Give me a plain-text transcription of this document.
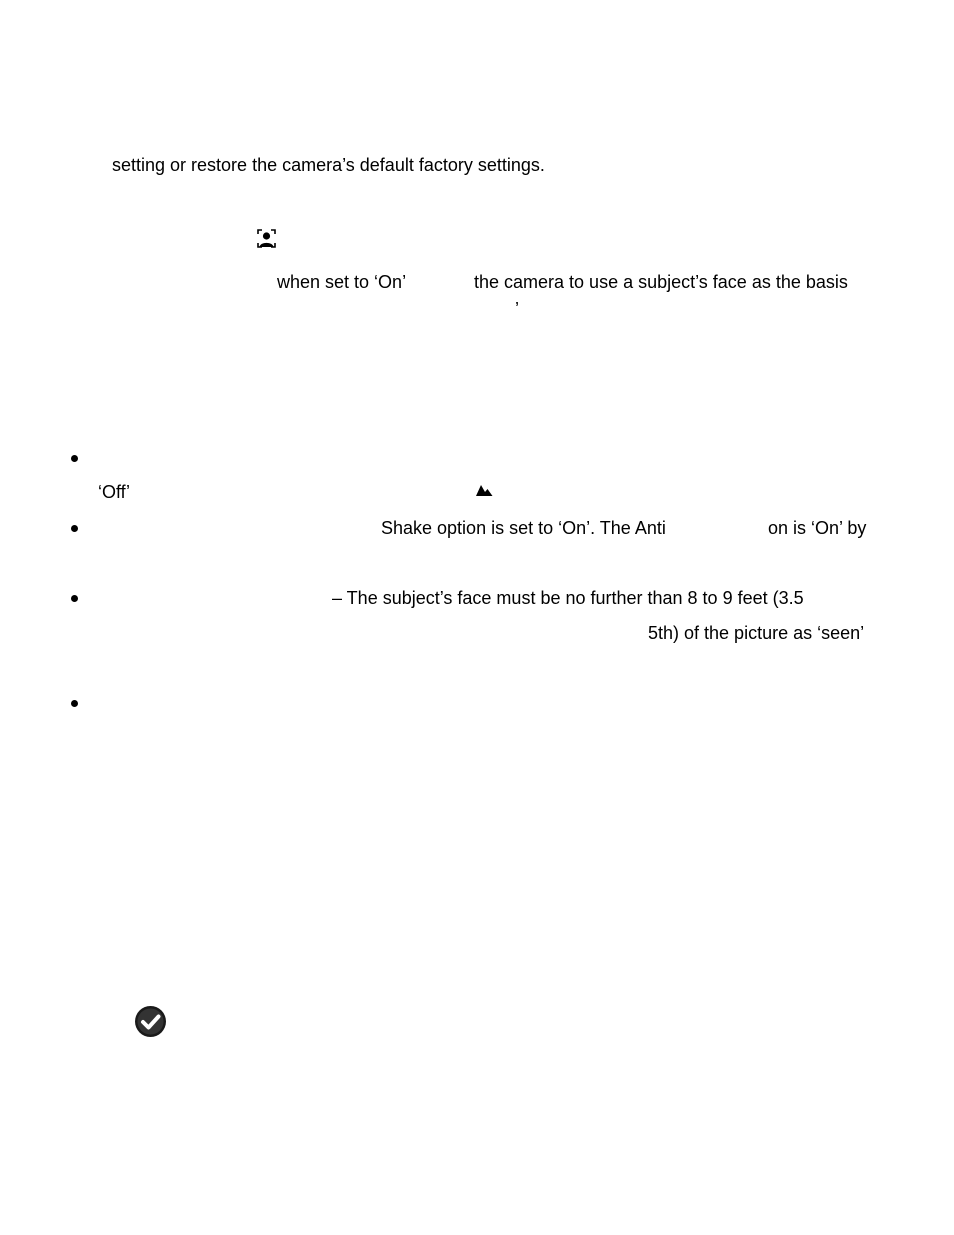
setting or restore the camera’s default factory settings.
when set to ‘On’	the camera to use a subject’s face as the basis
’
‘Off’
Shake option is set to ‘On’. The Anti	on is ‘On’ by
– The subject’s face must be no further than 8 to 9 feet (3.5
5th) of the picture as ‘seen’
